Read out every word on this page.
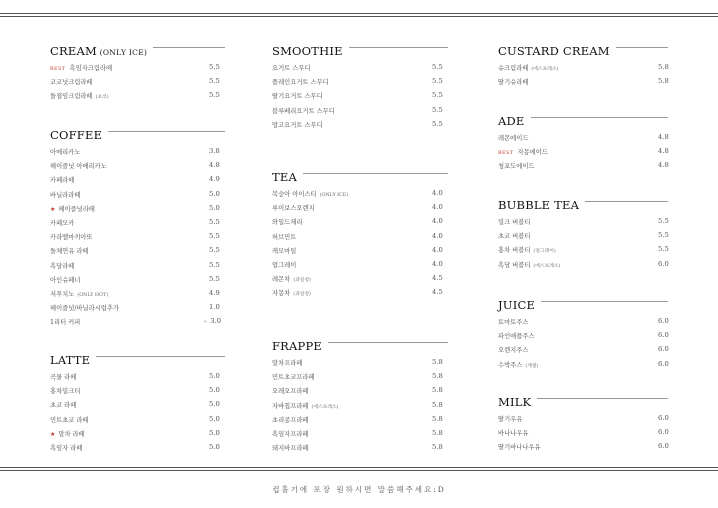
CREAM (ONLY ICE)
BEST 흑임자크림라떼	5.5
코코넛크림라떼	5.5
돌절임크림라떼 (초코)	5.5
COFFEE
아메리카노	3.8
헤이즐넛 아메리카노	4.8
카페라떼	4.9
바닐라라떼	5.0
★ 헤이즐넛라떼	5.0
카페모카	5.5
카라멜마끼아또	5.5
돌체연유 라떼	5.5
흑당라떼	5.5
아인슈페너	5.5
저푸치노 (ONLY HOT)	4.9
헤이즐넛/바닐라시럽추가	1.0
1리터 커피	+ 3.0
LATTE
곡물 라떼	5.0
홍차밀크티	5.0
초코 라떼	5.0
민트초코 라떼	5.0
★ 말차 라떼	5.0
흑임자 라떼	5.0
SMOOTHIE
요거트 스무디	5.5
플레인요거트 스무디	5.5
딸기요거트 스무디	5.5
블루베리요거트 스무디	5.5
망고요거트 스무디	5.5
TEA
복숭아 아이스티 (ONLY ICE)	4.0
루이보스오렌지	4.0
와일드체리	4.0
허브민트	4.0
캐모마일	4.0
얼그레이	4.0
레몬차 (과일청)	4.5
자몽차 (과일청)	4.5
FRAPPE
말차프라페	5.8
민트초코프라페	5.8
오레오프라페	5.8
자바칩프라페 (에스프레소)	5.8
초리콩프라페	5.8
흑임자프라페	5.8
돼지바프라페	5.8
CUSTARD CREAM
슈크림라떼 (에스프레소)	5.8
딸기슈라떼	5.8
ADE
레몬에이드	4.8
BEST 자몽에이드	4.8
청포도에이드	4.8
BUBBLE TEA
밀크 버블티	5.5
초코 버블티	5.5
홍차 버블티 (얼그레이)	5.5
흑당 버블티 (에스프레소)	6.0
JUICE
토마토주스	6.0
파인애플주스	6.0
오렌지주스	6.0
수박주스 (계절)	6.0
MILK
딸기우유	6.0
바나나우유	6.0
딸기바나나우유	6.0
컵홀기에 포장 원하시면 말씀해주세요:D
